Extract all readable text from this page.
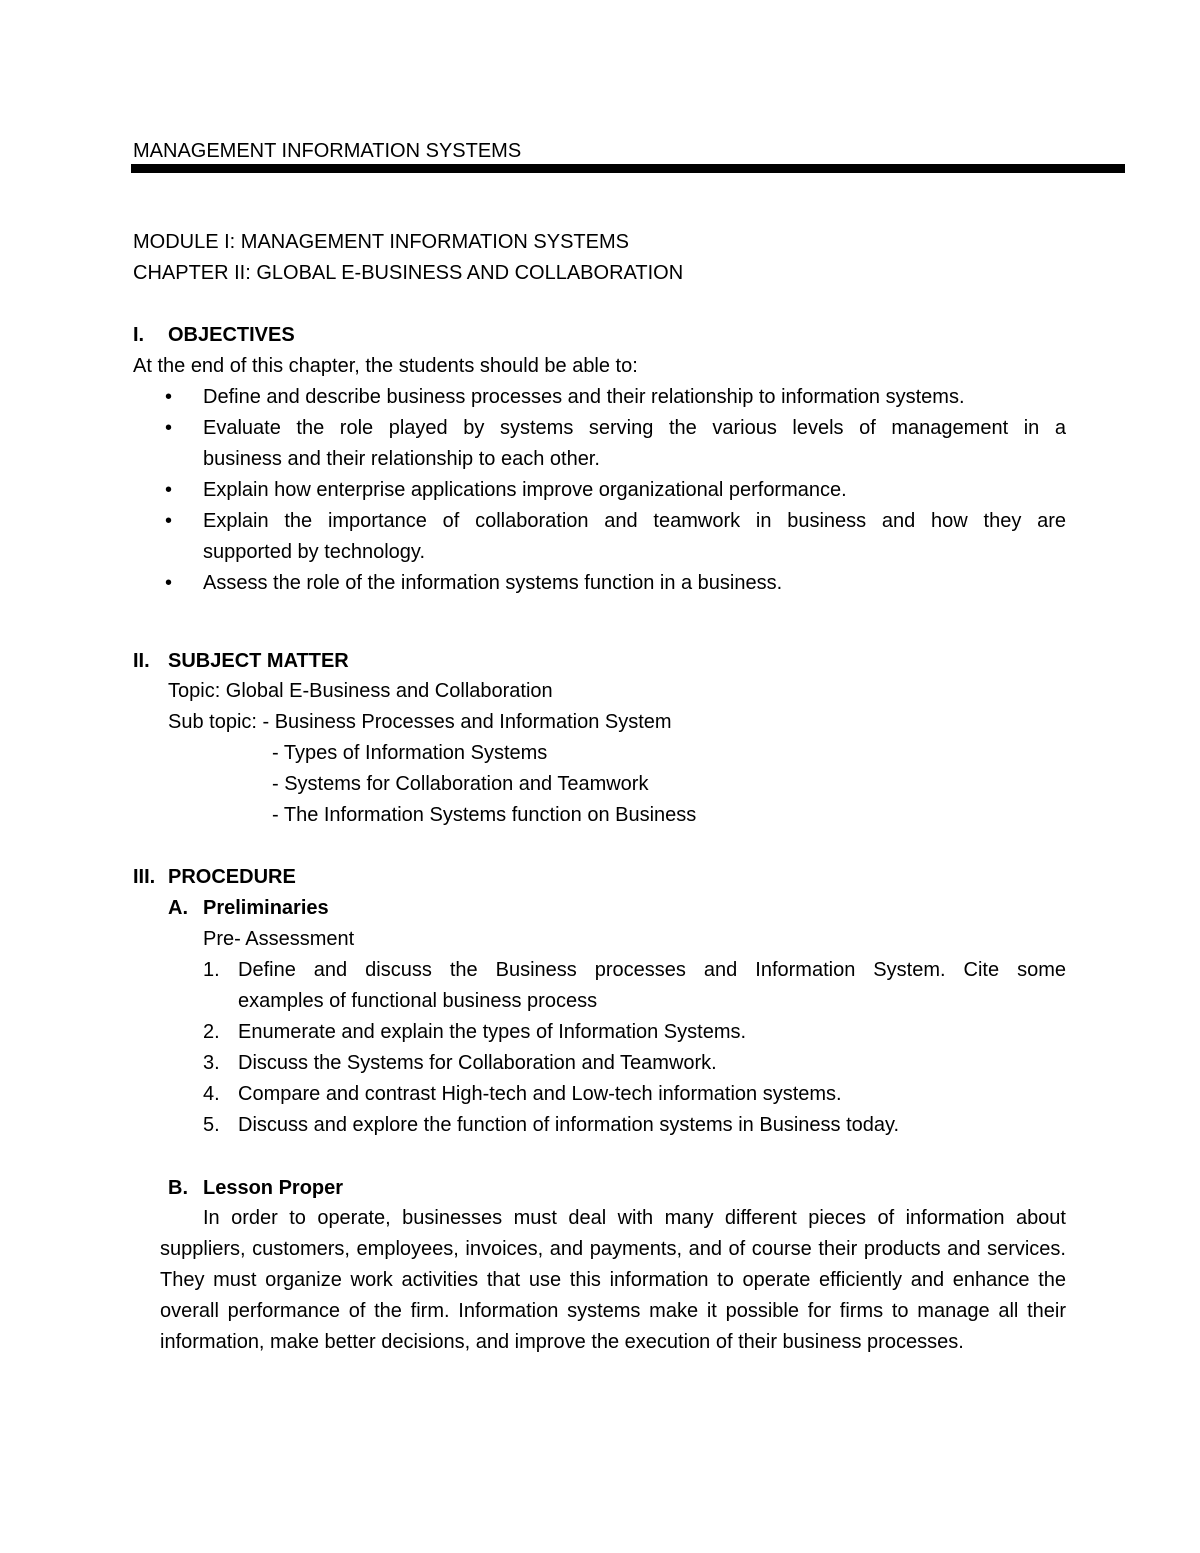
MANAGEMENT INFORMATION SYSTEMS
MODULE I: MANAGEMENT INFORMATION SYSTEMS
CHAPTER II: GLOBAL E-BUSINESS AND COLLABORATION
I. OBJECTIVES
At the end of this chapter, the students should be able to:
•	Define and describe business processes and their relationship to information systems.
•	Evaluate the role played by systems serving the various levels of management in a
business and their relationship to each other.
•	Explain how enterprise applications improve organizational performance.
•	Explain the importance of collaboration and teamwork in business and how they are
supported by technology.
•	Assess the role of the information systems function in a business.
II. SUBJECT MATTER
Topic: Global E-Business and Collaboration
Sub topic: - Business Processes and Information System
- Types of Information Systems
- Systems for Collaboration and Teamwork
- The Information Systems function on Business
III. PROCEDURE
A. Preliminaries
Pre- Assessment
1. Define and discuss the Business processes and Information System. Cite some
examples of functional business process
2. Enumerate and explain the types of Information Systems.
3. Discuss the Systems for Collaboration and Teamwork.
4. Compare and contrast High-tech and Low-tech information systems.
5. Discuss and explore the function of information systems in Business today.
B. Lesson Proper

In order to operate, businesses must deal with many different pieces of information about suppliers, customers, employees, invoices, and payments, and of course their products and services. They must organize work activities that use this information to operate efficiently and enhance the overall performance of the firm. Information systems make it possible for firms to manage all their information, make better decisions, and improve the execution of their business processes.
